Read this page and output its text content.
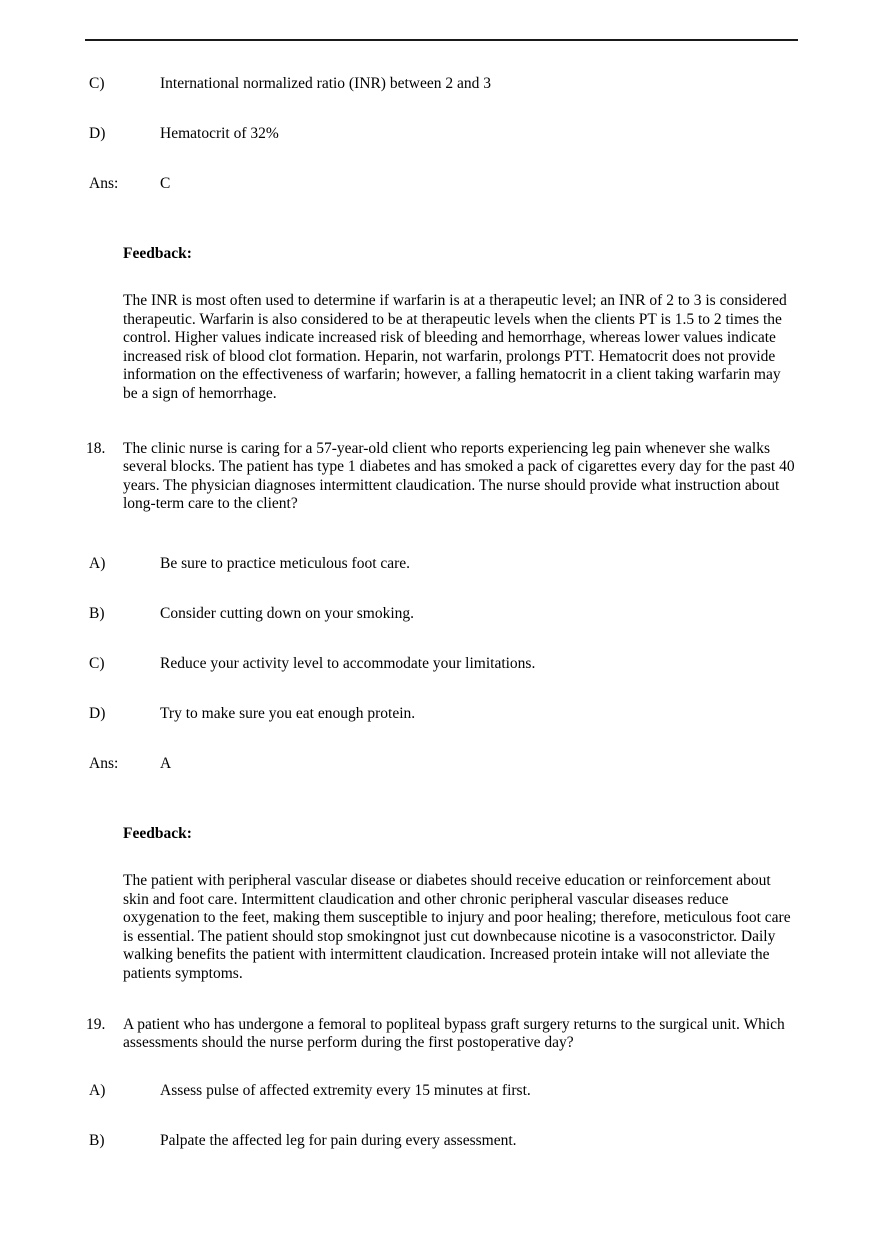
C)	International normalized ratio (INR) between 2 and 3
D)	Hematocrit of 32%
Ans:	C
Feedback:
The INR is most often used to determine if warfarin is at a therapeutic level; an INR of 2 to 3 is considered therapeutic. Warfarin is also considered to be at therapeutic levels when the clients PT is 1.5 to 2 times the control. Higher values indicate increased risk of bleeding and hemorrhage, whereas lower values indicate increased risk of blood clot formation. Heparin, not warfarin, prolongs PTT. Hematocrit does not provide information on the effectiveness of warfarin; however, a falling hematocrit in a client taking warfarin may be a sign of hemorrhage.
18.	The clinic nurse is caring for a 57-year-old client who reports experiencing leg pain whenever she walks several blocks. The patient has type 1 diabetes and has smoked a pack of cigarettes every day for the past 40 years. The physician diagnoses intermittent claudication. The nurse should provide what instruction about long-term care to the client?
A)	Be sure to practice meticulous foot care.
B)	Consider cutting down on your smoking.
C)	Reduce your activity level to accommodate your limitations.
D)	Try to make sure you eat enough protein.
Ans:	A
Feedback:
The patient with peripheral vascular disease or diabetes should receive education or reinforcement about skin and foot care. Intermittent claudication and other chronic peripheral vascular diseases reduce oxygenation to the feet, making them susceptible to injury and poor healing; therefore, meticulous foot care is essential. The patient should stop smokingnot just cut downbecause nicotine is a vasoconstrictor. Daily walking benefits the patient with intermittent claudication. Increased protein intake will not alleviate the patients symptoms.
19.	A patient who has undergone a femoral to popliteal bypass graft surgery returns to the surgical unit. Which assessments should the nurse perform during the first postoperative day?
A)	Assess pulse of affected extremity every 15 minutes at first.
B)	Palpate the affected leg for pain during every assessment.
